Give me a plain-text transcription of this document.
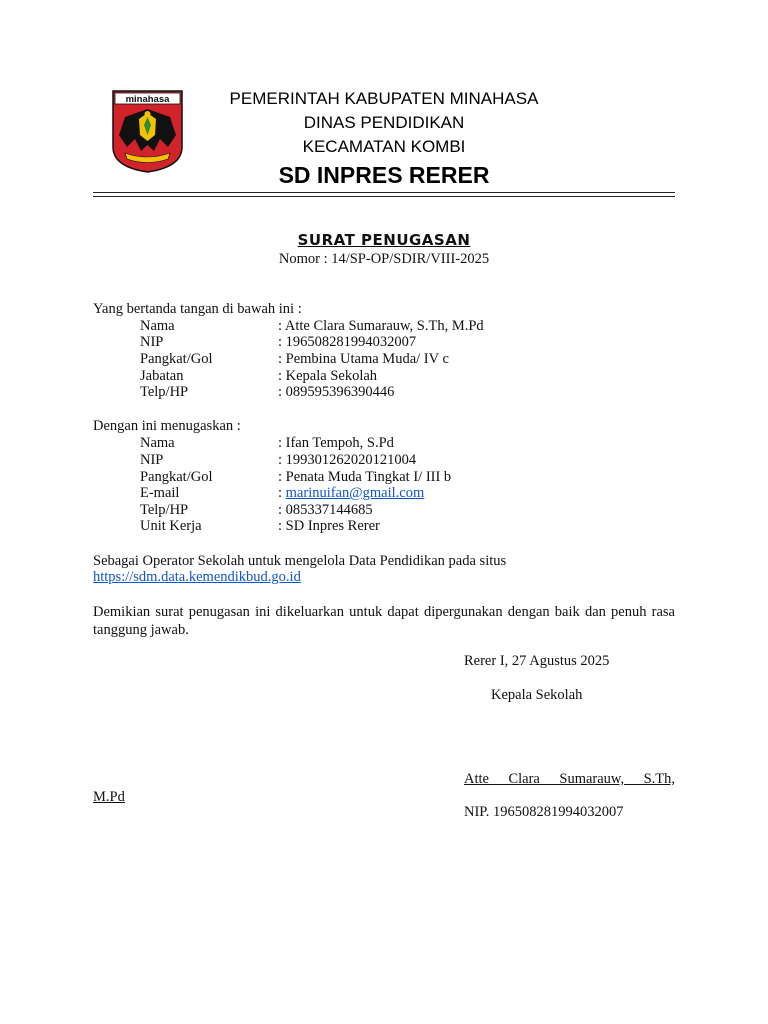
minahasa	PEMERINTAH KABUPATEN MINAHASA
DINAS PENDIDIKAN
KECAMATAN KOMBI
SD INPRES RERER
SURAT PENUGASAN
Nomor : 14/SP-OP/SDIR/VIII-2025
Yang bertanda tangan di bawah ini :
Nama	: Atte Clara Sumarauw, S.Th, M.Pd
NIP	: 196508281994032007
Pangkat/Gol	: Pembina Utama Muda/ IV c
Jabatan	: Kepala Sekolah
Telp/HP	: 089595396390446
Dengan ini menugaskan :
Nama	: Ifan Tempoh, S.Pd
NIP	: 199301262020121004
Pangkat/Gol	: Penata Muda Tingkat I/ III b
E-mail	: marinuifan@gmail.com
Telp/HP	: 085337144685
Unit Kerja	: SD Inpres Rerer
Sebagai Operator Sekolah untuk mengelola Data Pendidikan pada situs
https://sdm.data.kemendikbud.go.id
Demikian surat penugasan ini dikeluarkan untuk dapat dipergunakan dengan baik dan penuh rasa tanggung jawab.
Rerer I, 27 Agustus 2025
Kepala Sekolah
Atte Clara Sumarauw, S.Th,
M.Pd
NIP. 196508281994032007
